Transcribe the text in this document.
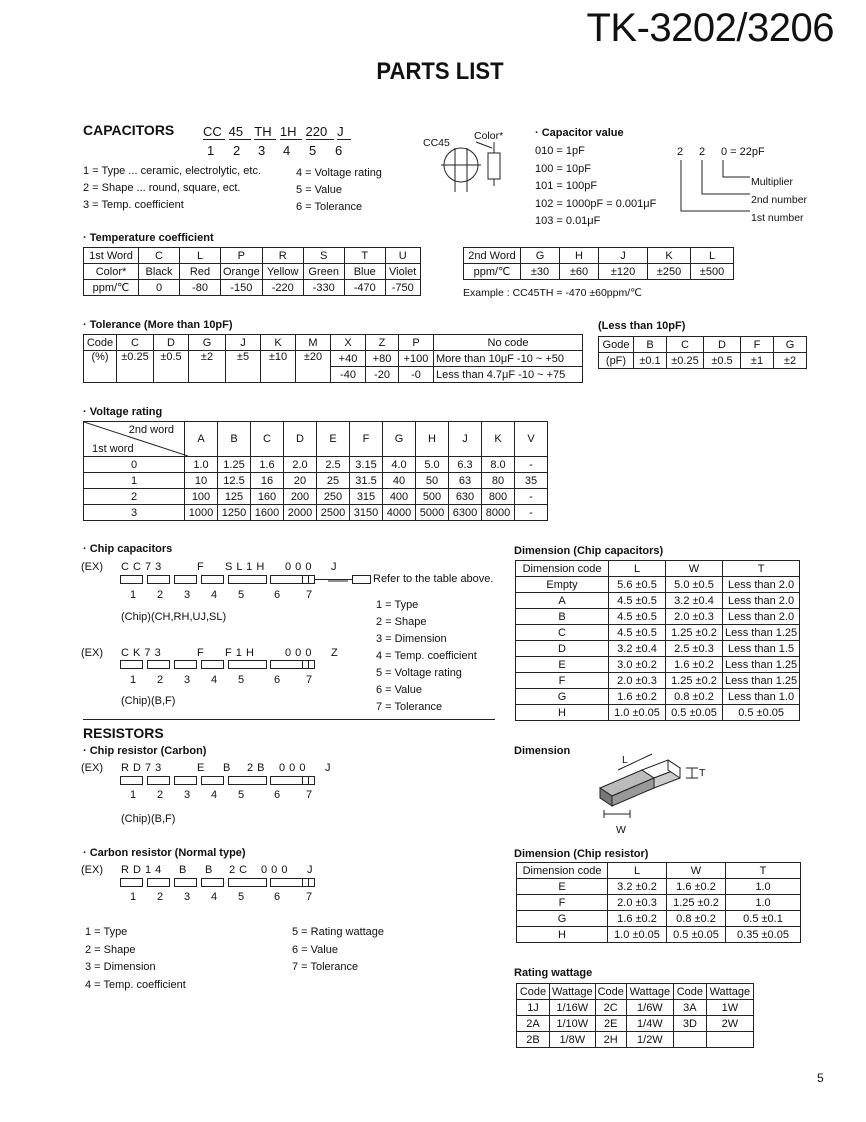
TK-3202/3206
PARTS LIST
CAPACITORS CC 45 TH 1H 220 J
1 2 3 4 5 6
1 = Type ... ceramic, electrolytic, etc.
2 = Shape ... round, square, ect.
3 = Temp. coefficient
4 = Voltage rating
5 = Value
6 = Tolerance
CC45
Color*	· Capacitor value
010 = 1pF
100 = 10pF
101 = 100pF
102 = 1000pF = 0.001μF
103 = 0.01μF
2 2 0 = 22pF
Multiplier
2nd number
1st number
· Temperature coefficient
1st Word	C	L	P	R	S	T	U
Color*	Black	Red	Orange	Yellow	Green	Blue	Violet
ppm/℃	0	-80	-150	-220	-330	-470	-750
2nd Word	G	H	J	K	L
ppm/℃	±30	±60	±120	±250	±500
Example : CC45TH = -470 ±60ppm/℃
· Tolerance (More than 10pF)
Code	C	D	G	J	K	M	X	Z	P	No code
(%)	±0.25	±0.5	±2	±5	±10	±20	+40	+80	+100	More than 10μF -10 ~ +50
							-40	-20	-0	Less than 4.7μF -10 ~ +75
(Less than 10pF)
Gode	B	C	D	F	G
(pF)	±0.1	±0.25	±0.5	±1	±2
· Voltage rating
2nd word
1st word	A	B	C	D	E	F	G	H	J	K	V
0	1.0	1.25	1.6	2.0	2.5	3.15	4.0	5.0	6.3	8.0	-
1	10	12.5	16	20	25	31.5	40	50	63	80	35
2	100	125	160	200	250	315	400	500	630	800	-
3	1000	1250	1600	2000	2500	3150	4000	5000	6300	8000	-
· Chip capacitors
(EX) C C 7 3	F S L 1 H 0 0 0 J
Refer to the table above.
1 2 3 4 5	6 7
(Chip)(CH,RH,UJ,SL)
(EX) C K 7 3	F F 1 H	0 0 0 Z
1 2 3 4 5	6 7
(Chip)(B,F)
1 = Type
2 = Shape
3 = Dimension
4 = Temp. coefficient
5 = Voltage rating
6 = Value
7 = Tolerance
Dimension (Chip capacitors)
Dimension code	L	W	T
Empty	5.6 ±0.5	5.0 ±0.5	Less than 2.0
A	4.5 ±0.5	3.2 ±0.4	Less than 2.0
B	4.5 ±0.5	2.0 ±0.3	Less than 2.0
C	4.5 ±0.5	1.25 ±0.2	Less than 1.25
D	3.2 ±0.4	2.5 ±0.3	Less than 1.5
E	3.0 ±0.2	1.6 ±0.2	Less than 1.25
F	2.0 ±0.3	1.25 ±0.2	Less than 1.25
G	1.6 ±0.2	0.8 ±0.2	Less than 1.0
H	1.0 ±0.05	0.5 ±0.05	0.5 ±0.05
Dimension
L
T
W
RESISTORS
· Chip resistor (Carbon)
(EX) R D 7 3	E B 2 B 0 0 0 J
1 2 3 4 5	6 7
(Chip)(B,F)
· Carbon resistor (Normal type)
(EX) R D 1 4 B B 2 C 0 0 0 J
1 2 3 4 5	6 7
1 = Type
2 = Shape
3 = Dimension
4 = Temp. coefficient
5 = Rating wattage
6 = Value
7 = Tolerance
Dimension (Chip resistor)
Dimension code	L	W	T
E	3.2 ±0.2	1.6 ±0.2	1.0
F	2.0 ±0.3	1.25 ±0.2	1.0
G	1.6 ±0.2	0.8 ±0.2	0.5 ±0.1
H	1.0 ±0.05	0.5 ±0.05	0.35 ±0.05
Rating wattage
Code	Wattage	Code	Wattage	Code	Wattage
1J	1/16W	2C	1/6W	3A	1W
2A	1/10W	2E	1/4W	3D	2W
2B	1/8W	2H	1/2W		
5
